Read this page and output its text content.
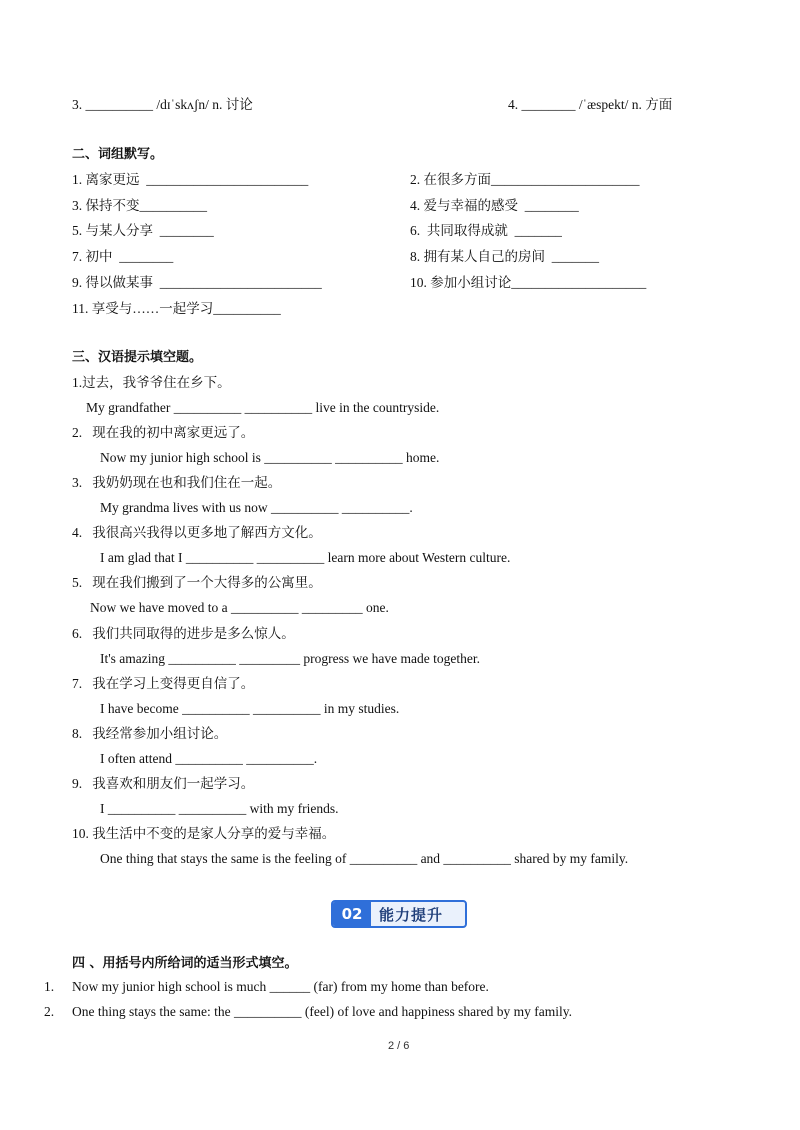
3. __________ /dɪˈskʌʃn/ n. 讨论	4. ________ /ˈæspekt/ n. 方面
二、词组默写。
1. 离家更远  ________________________	2. 在很多方面______________________
3. 保持不变__________	4. 爱与幸福的感受  ________
5. 与某人分享  ________	6.  共同取得成就  _______
7. 初中  ________	8. 拥有某人自己的房间  _______
9. 得以做某事  ________________________	10. 参加小组讨论____________________
11. 享受与……一起学习__________
三、汉语提示填空题。
1.过去，我爷爷住在乡下。
My grandfather __________ __________ live in the countryside.
2.   现在我的初中离家更远了。
Now my junior high school is __________ __________ home.
3.   我奶奶现在也和我们住在一起。
My grandma lives with us now __________ __________.
4.   我很高兴我得以更多地了解西方文化。
I am glad that I __________ __________ learn more about Western culture.
5.   现在我们搬到了一个大得多的公寓里。
Now we have moved to a __________ _________ one.
6.   我们共同取得的进步是多么惊人。
It's amazing __________ _________ progress we have made together.
7.   我在学习上变得更自信了。
I have become __________ __________ in my studies.
8.   我经常参加小组讨论。
I often attend __________ __________.
9.   我喜欢和朋友们一起学习。
I __________ __________ with my friends.
10. 我生活中不变的是家人分享的爱与幸福。
One thing that stays the same is the feeling of __________ and __________ shared by my family.
02	能力提升
四 、用括号内所给词的适当形式填空。
1. Now my junior high school is much ______ (far) from my home than before.
2. One thing stays the same: the __________ (feel) of love and happiness shared by my family.
2 / 6
